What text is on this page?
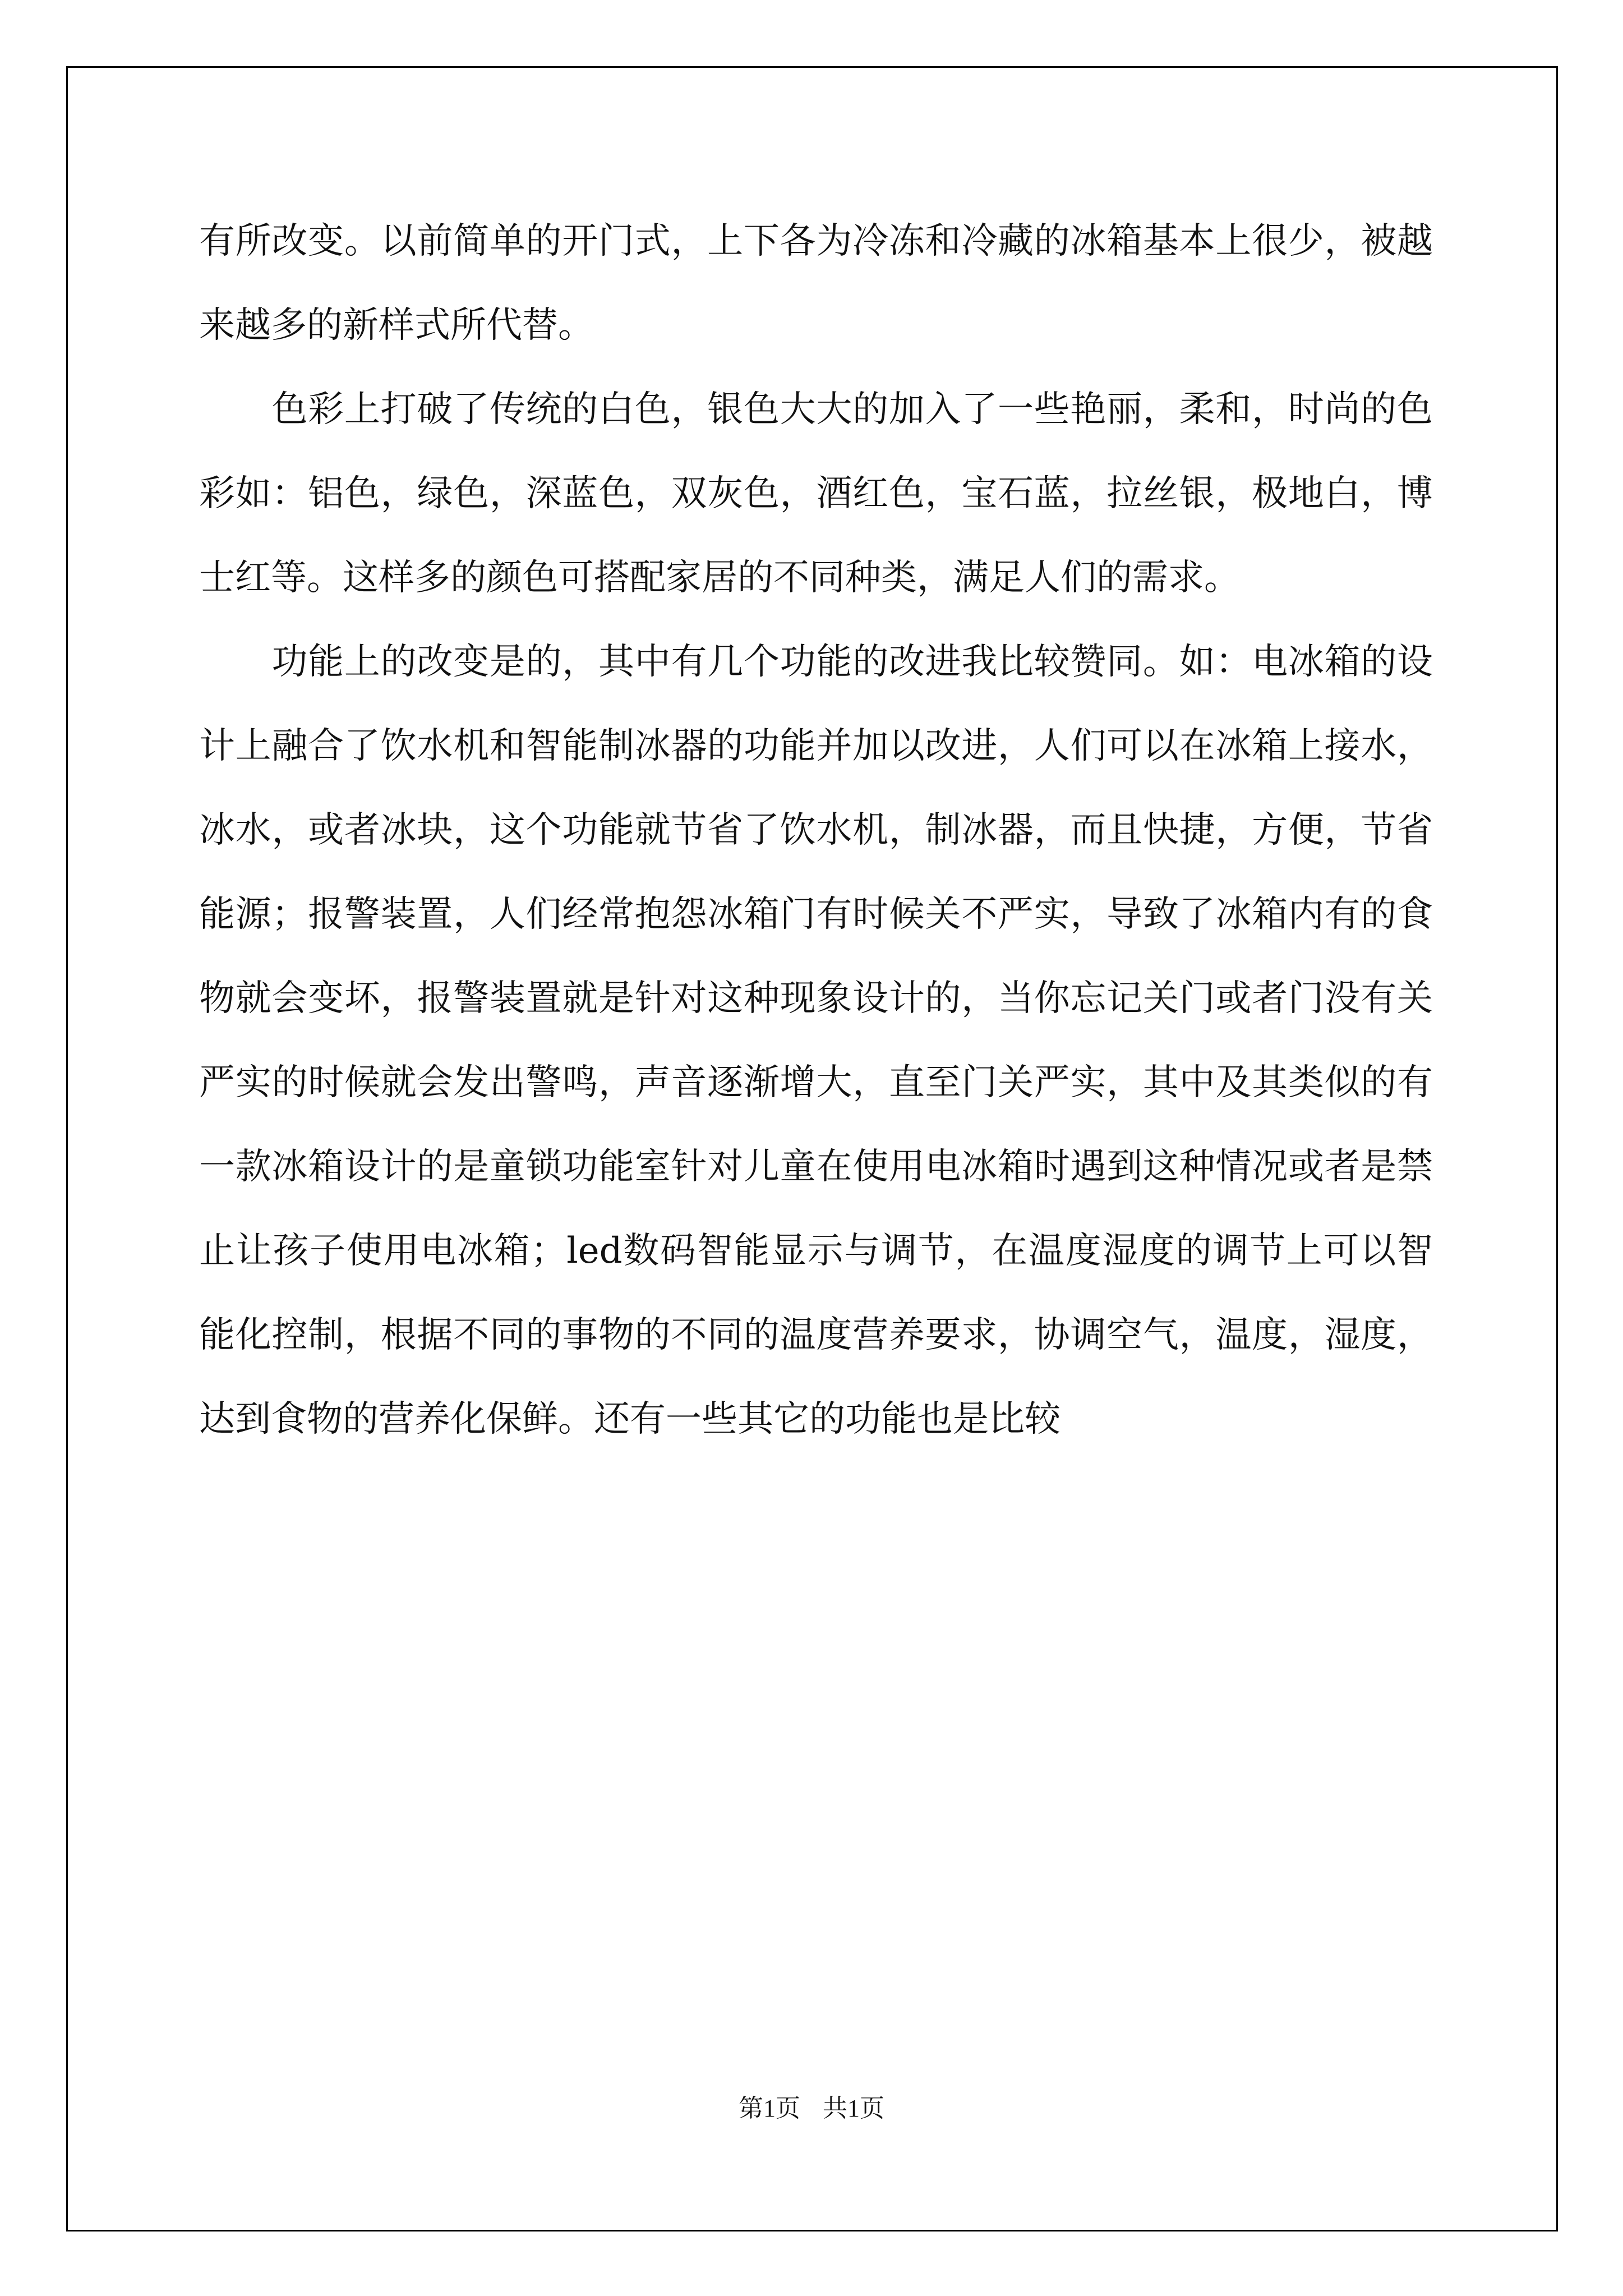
有所改变。以前简单的开门式，上下各为冷冻和冷藏的冰箱基本上很少，被越来越多的新样式所代替。

　　色彩上打破了传统的白色，银色大大的加入了一些艳丽，柔和，时尚的色彩如：铝色，绿色，深蓝色，双灰色，酒红色，宝石蓝，拉丝银，极地白，博士红等。这样多的颜色可搭配家居的不同种类，满足人们的需求。

　　功能上的改变是的，其中有几个功能的改进我比较赞同。如：电冰箱的设计上融合了饮水机和智能制冰器的功能并加以改进，人们可以在冰箱上接水，冰水，或者冰块，这个功能就节省了饮水机，制冰器，而且快捷，方便，节省能源；报警装置，人们经常抱怨冰箱门有时候关不严实，导致了冰箱内有的食物就会变坏，报警装置就是针对这种现象设计的，当你忘记关门或者门没有关严实的时候就会发出警鸣，声音逐渐增大，直至门关严实，其中及其类似的有一款冰箱设计的是童锁功能室针对儿童在使用电冰箱时遇到这种情况或者是禁止让孩子使用电冰箱；led数码智能显示与调节，在温度湿度的调节上可以智能化控制，根据不同的事物的不同的温度营养要求，协调空气，温度，湿度，达到食物的营养化保鲜。还有一些其它的功能也是比较

第1页 共1页
